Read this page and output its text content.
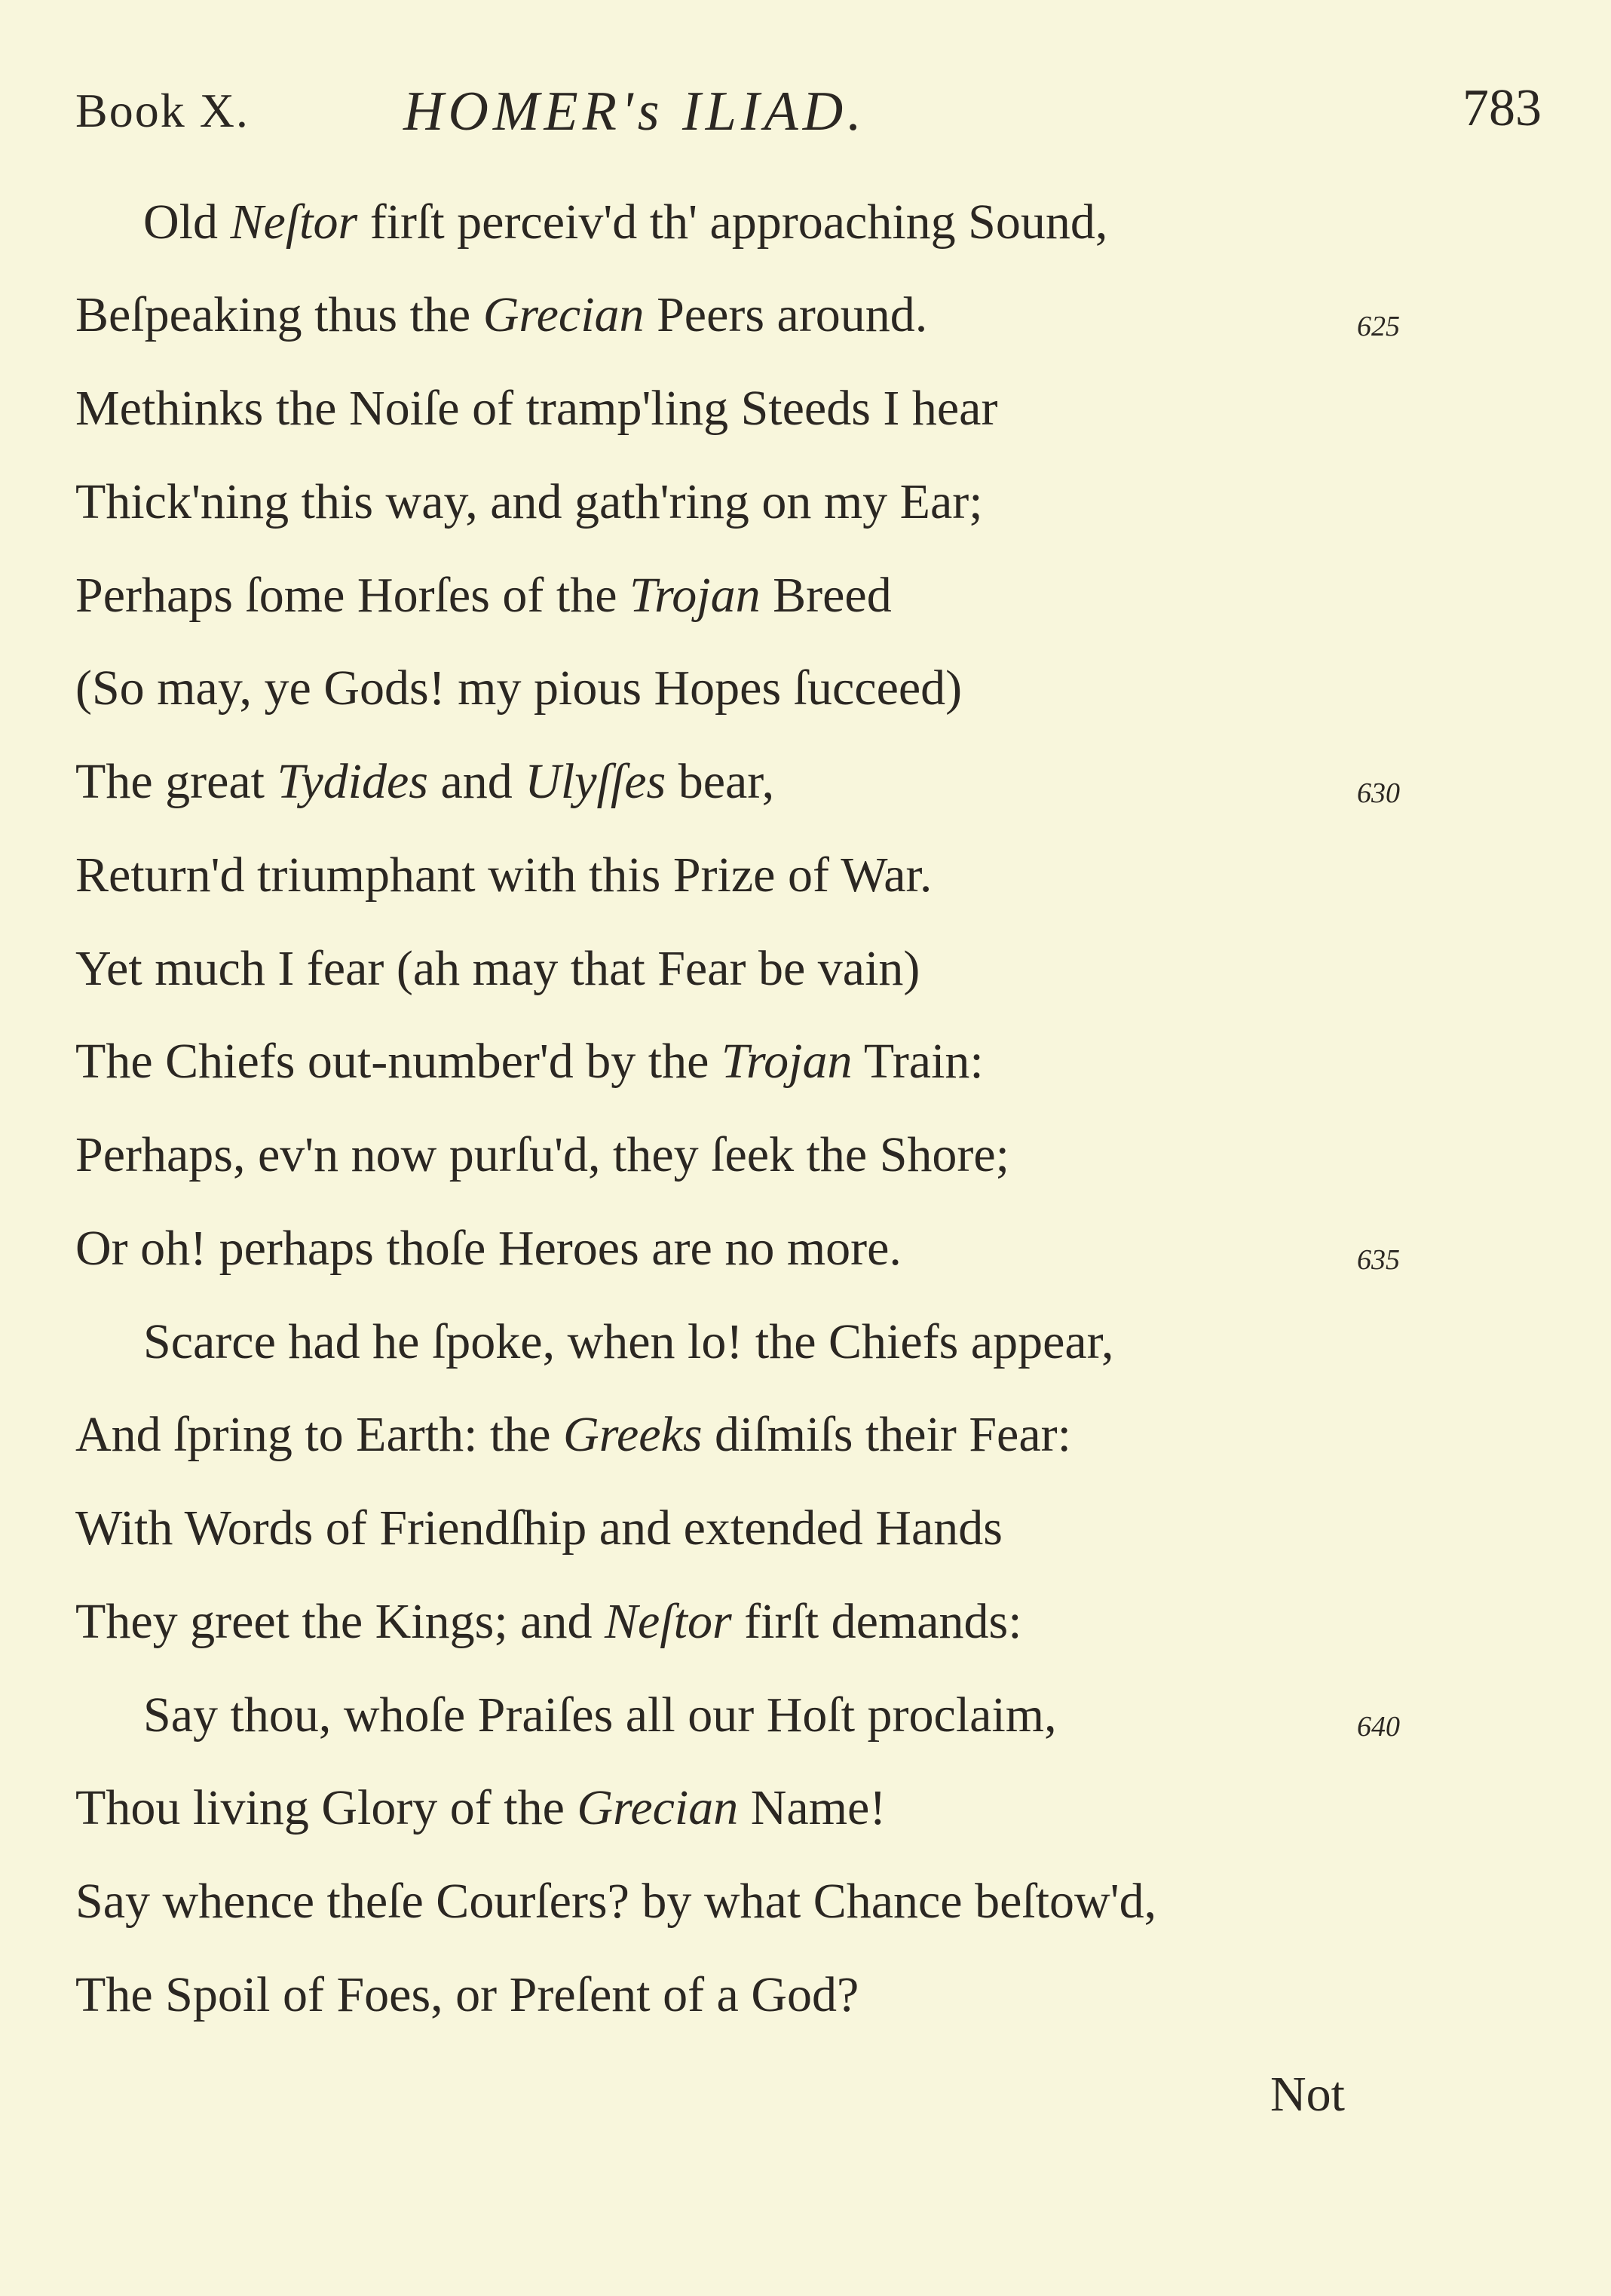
Book X.	HOMER's ILIAD.	783
Old Neſtor firſt perceiv'd th' approaching Sound,
Beſpeaking thus the Grecian Peers around.	625
Methinks the Noiſe of tramp'ling Steeds I hear
Thick'ning this way, and gath'ring on my Ear;
Perhaps ſome Horſes of the Trojan Breed
(So may, ye Gods! my pious Hopes ſucceed)
The great Tydides and Ulyſſes bear,	630
Return'd triumphant with this Prize of War.
Yet much I fear (ah may that Fear be vain)
The Chiefs out-number'd by the Trojan Train:
Perhaps, ev'n now purſu'd, they ſeek the Shore;
Or oh! perhaps thoſe Heroes are no more.	635
Scarce had he ſpoke, when lo! the Chiefs appear,
And ſpring to Earth: the Greeks diſmiſs their Fear:
With Words of Friendſhip and extended Hands
They greet the Kings; and Neſtor firſt demands:
Say thou, whoſe Praiſes all our Hoſt proclaim,	640
Thou living Glory of the Grecian Name!
Say whence theſe Courſers? by what Chance beſtow'd,
The Spoil of Foes, or Preſent of a God?
Not
